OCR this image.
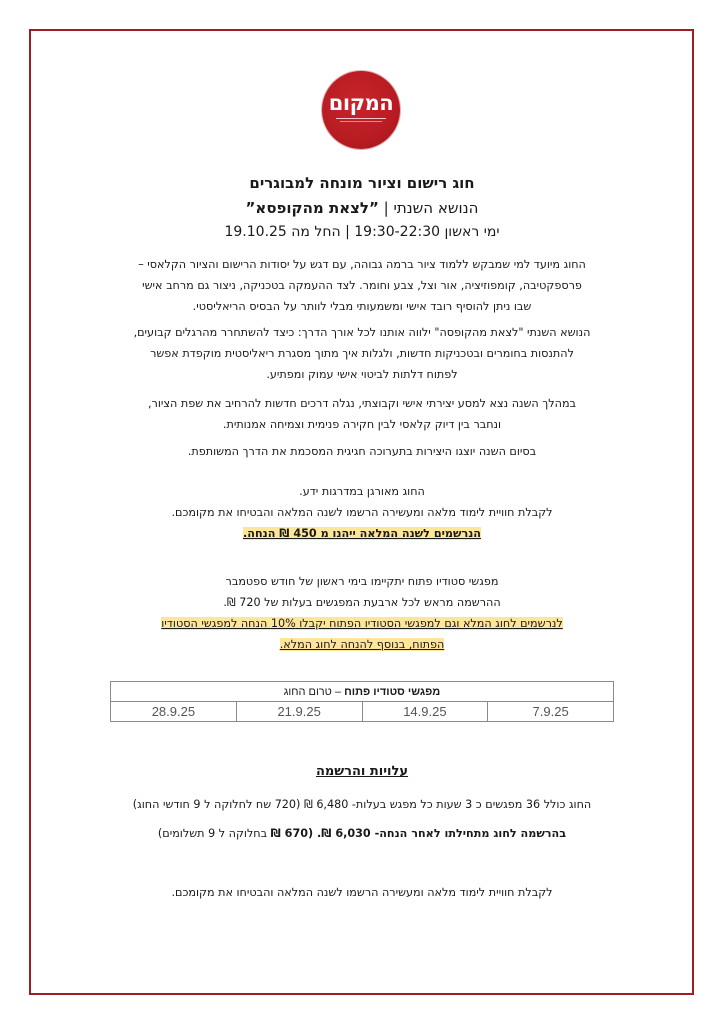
המקום
חוג רישום וציור מונחה למבוגרים
הנושא השנתי | ”לצאת מהקופסא”
ימי ראשון 19:30-22:30 | החל מה 19.10.25
החוג מיועד למי שמבקש ללמוד ציור ברמה גבוהה, עם דגש על יסודות הרישום והציור הקלאסי –
פרספקטיבה, קומפוזיציה, אור וצל, צבע וחומר. לצד ההעמקה בטכניקה, ניצור גם מרחב אישי
שבו ניתן להוסיף רובד אישי ומשמעותי מבלי לוותר על הבסיס הריאליסטי.
הנושא השנתי "לצאת מהקופסה" ילווה אותנו לכל אורך הדרך: כיצד להשתחרר מהרגלים קבועים,
להתנסות בחומרים ובטכניקות חדשות, ולגלות איך מתוך מסגרת ריאליסטית מוקפדת אפשר
לפתוח דלתות לביטוי אישי עמוק ומפתיע.
במהלך השנה נצא למסע יצירתי אישי וקבוצתי, נגלה דרכים חדשות להרחיב את שפת הציור,
ונחבר בין דיוק קלאסי לבין חקירה פנימית וצמיחה אמנותית.
בסיום השנה יוצגו היצירות בתערוכה חגיגית המסכמת את הדרך המשותפת.
החוג מאורגן במדרגות ידע.
לקבלת חוויית לימוד מלאה ומעשירה הרשמו לשנה המלאה והבטיחו את מקומכם.
הנרשמים לשנה המלאה ייהנו מ 450 ₪ הנחה.
מפגשי סטודיו פתוח יתקיימו בימי ראשון של חודש ספטמבר
ההרשמה מראש לכל ארבעת המפגשים בעלות של 720 ₪.
לנרשמים לחוג המלא וגם למפגשי הסטודיו הפתוח יקבלו 10% הנחה למפגשי הסטודיו
הפתוח, בנוסף להנחה לחוג המלא.
מפגשי סטודיו פתוח – טרום החוג
7.9.25	14.9.25	21.9.25	28.9.25
עלויות והרשמה
החוג כולל 36 מפגשים כ 3 שעות כל מפגש בעלות- 6,480 ₪ (720 שח לחלוקה ל 9 חודשי החוג)
בהרשמה לחוג מתחילתו לאחר הנחה- 6,030 ₪. (670 ₪ בחלוקה ל 9 תשלומים)
לקבלת חוויית לימוד מלאה ומעשירה הרשמו לשנה המלאה והבטיחו את מקומכם.
